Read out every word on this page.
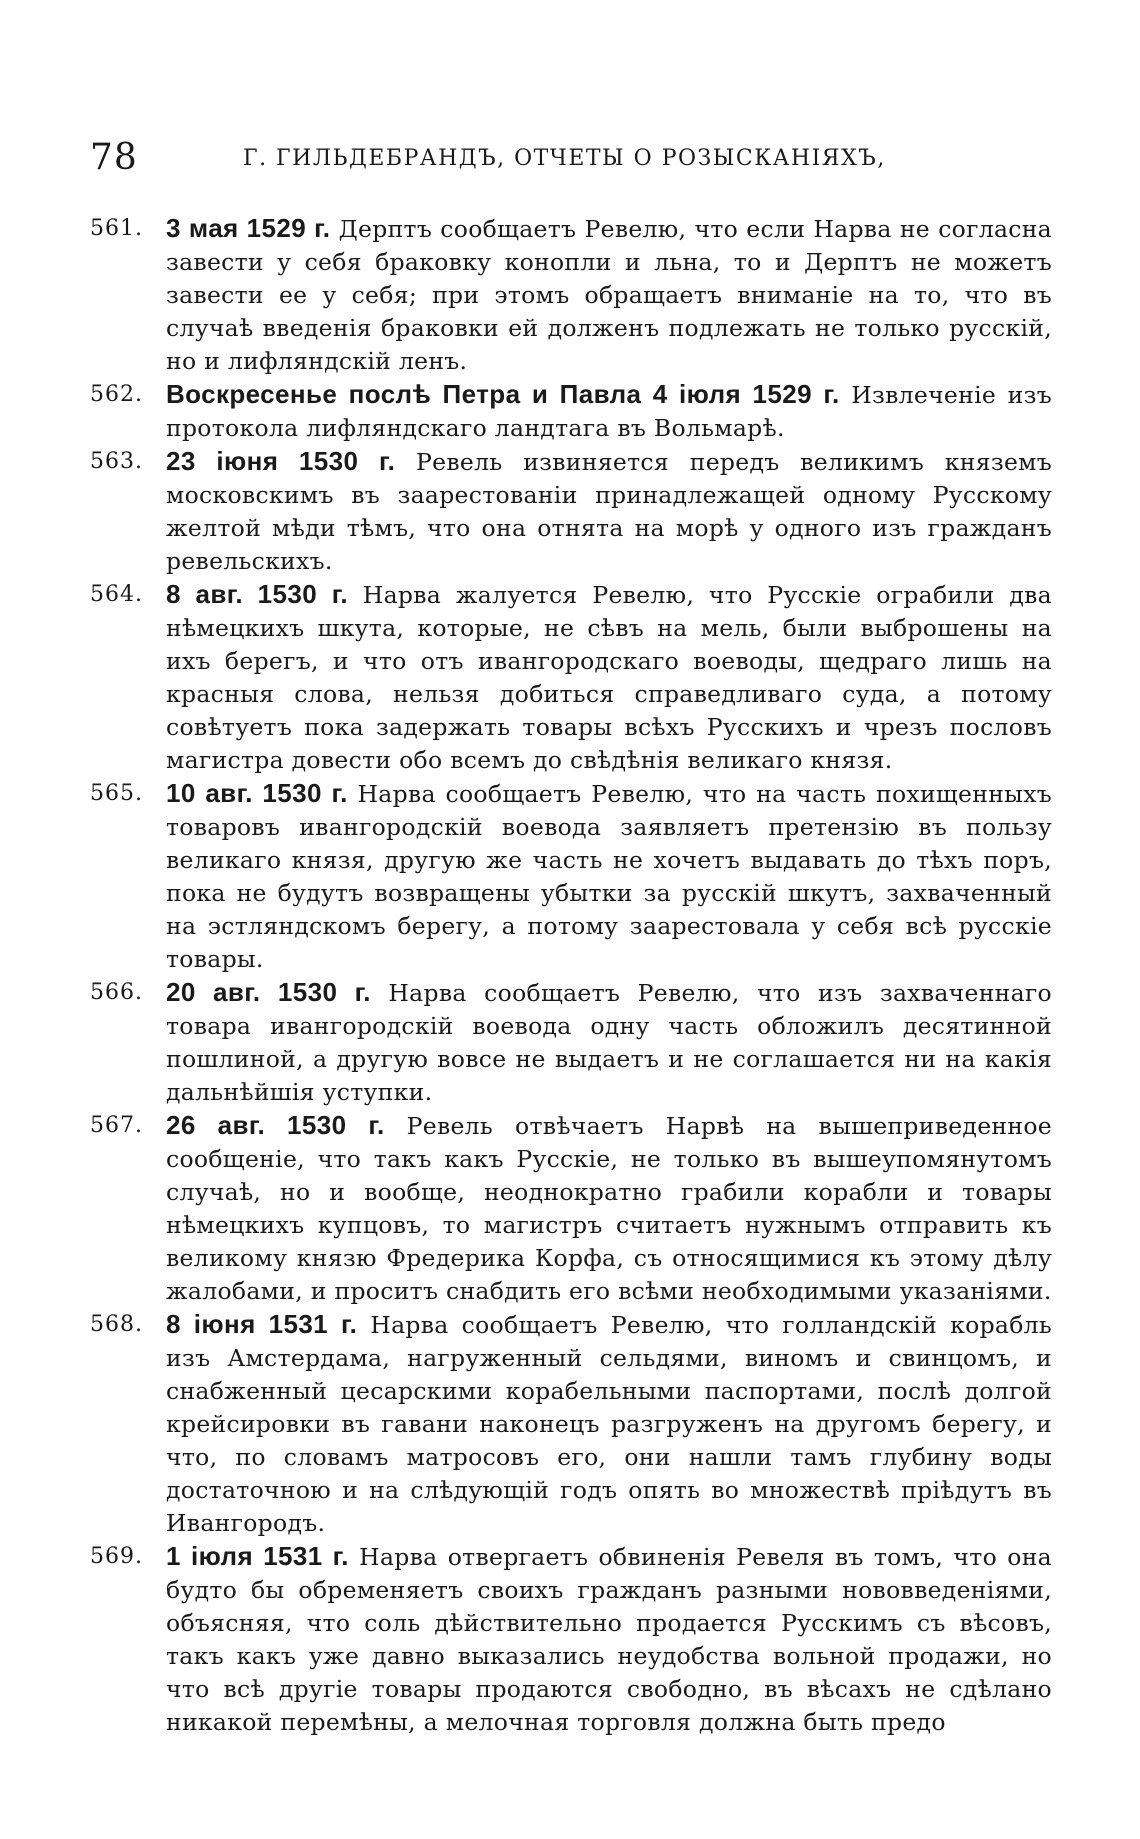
78	Г. ГИЛЬДЕБРАНДЪ, ОТЧЕТЫ О РОЗЫСКАНІЯХЪ,
561. 3 мая 1529 г. Дерптъ сообщаетъ Ревелю, что если Нарва не согласна завести у себя браковку конопли и льна, то и Дерптъ не можетъ завести ее у себя; при этомъ обращаетъ вниманіе на то, что въ случаѣ введенія браковки ей долженъ подлежать не только русскій, но и лифляндскій ленъ.

562. Воскресенье послѣ Петра и Павла 4 іюля 1529 г. Извлеченіе изъ протокола лифляндскаго ландтага въ Вольмарѣ.

563. 23 іюня 1530 г. Ревель извиняется передъ великимъ княземъ московскимъ въ заарестованіи принадлежащей одному Русскому желтой мѣди тѣмъ, что она отнята на морѣ у одного изъ гражданъ ревельскихъ.

564. 8 авг. 1530 г. Нарва жалуется Ревелю, что Русскіе ограбили два нѣмецкихъ шкута, которые, не сѣвъ на мель, были выброшены на ихъ берегъ, и что отъ ивангородскаго воеводы, щедраго лишь на красныя слова, нельзя добиться справедливаго суда, а потому совѣтуетъ пока задержать товары всѣхъ Русскихъ и чрезъ пословъ магистра довести обо всемъ до свѣдѣнія великаго князя.

565. 10 авг. 1530 г. Нарва сообщаетъ Ревелю, что на часть похищенныхъ товаровъ ивангородскій воевода заявляетъ претензію въ пользу великаго князя, другую же часть не хочетъ выдавать до тѣхъ поръ, пока не будутъ возвращены убытки за русскій шкутъ, захваченный на эстляндскомъ берегу, а потому заарестовала у себя всѣ русскіе товары.

566. 20 авг. 1530 г. Нарва сообщаетъ Ревелю, что изъ захваченнаго товара ивангородскій воевода одну часть обложилъ десятинной пошлиной, а другую вовсе не выдаетъ и не соглашается ни на какія дальнѣйшія уступки.

567. 26 авг. 1530 г. Ревель отвѣчаетъ Нарвѣ на вышеприведенное сообщеніе, что такъ какъ Русскіе, не только въ вышеупомянутомъ случаѣ, но и вообще, неоднократно грабили корабли и товары нѣмецкихъ купцовъ, то магистръ считаетъ нужнымъ отправить къ великому князю Фредерика Корфа, съ относящимися къ этому дѣлу жалобами, и проситъ снабдить его всѣми необходимыми указаніями.

568. 8 іюня 1531 г. Нарва сообщаетъ Ревелю, что голландскій корабль изъ Амстердама, нагруженный сельдями, виномъ и свинцомъ, и снабженный цесарскими корабельными паспортами, послѣ долгой крейсировки въ гавани наконецъ разгруженъ на другомъ берегу, и что, по словамъ матросовъ его, они нашли тамъ глубину воды достаточною и на слѣдующій годъ опять во множествѣ пріѣдутъ въ Ивангородъ.

569. 1 іюля 1531 г. Нарва отвергаетъ обвиненія Ревеля въ томъ, что она будто бы обременяетъ своихъ гражданъ разными нововведеніями, объясняя, что соль дѣйствительно продается Русскимъ съ вѣсовъ, такъ какъ уже давно выказались неудобства вольной продажи, но что всѣ другіе товары продаются свободно, въ вѣсахъ не сдѣлано никакой перемѣны, а мелочная торговля должна быть предо
